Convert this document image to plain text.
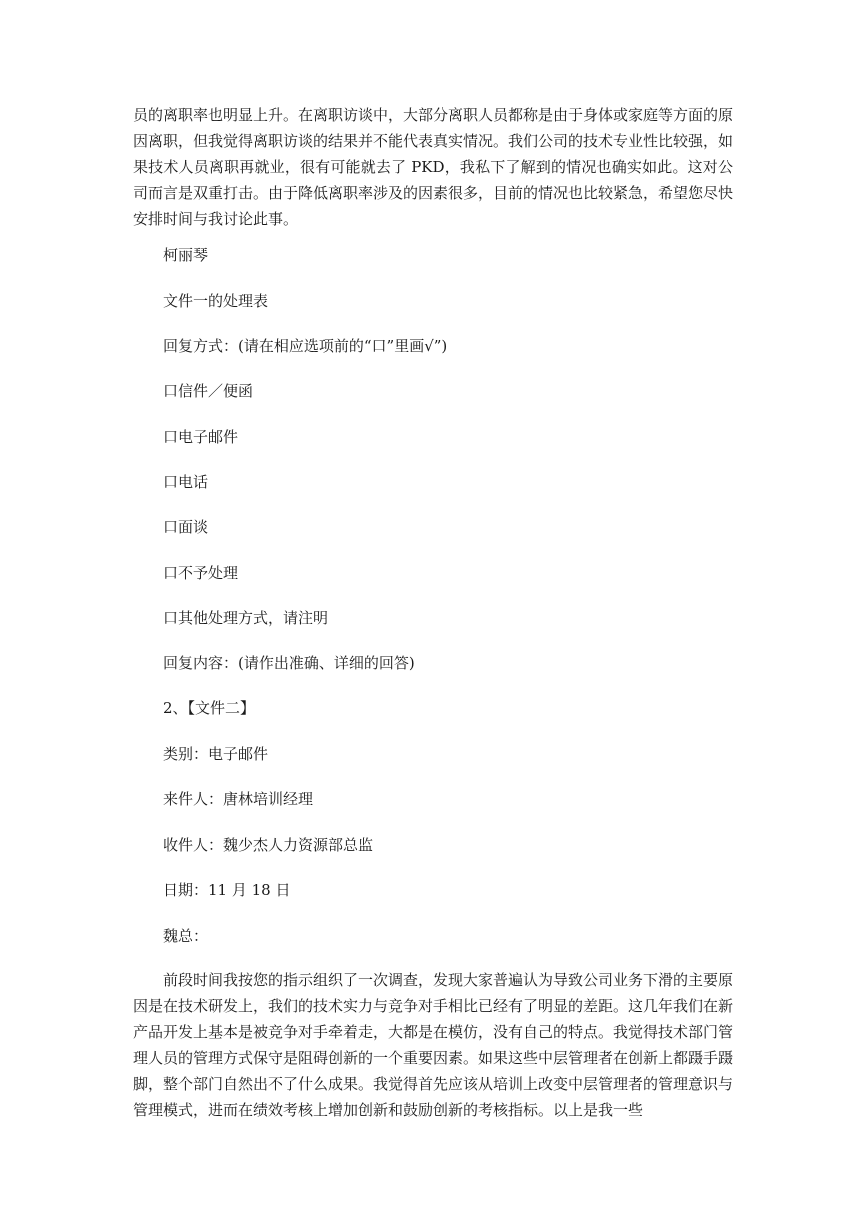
员的离职率也明显上升。在离职访谈中，大部分离职人员都称是由于身体或家庭等方面的原因离职，但我觉得离职访谈的结果并不能代表真实情况。我们公司的技术专业性比较强，如果技术人员离职再就业，很有可能就去了 PKD，我私下了解到的情况也确实如此。这对公司而言是双重打击。由于降低离职率涉及的因素很多，目前的情况也比较紧急，希望您尽快安排时间与我讨论此事。

柯丽琴

文件一的处理表

回复方式：(请在相应选项前的“口”里画√”)

口信件／便函

口电子邮件

口电话

口面谈

口不予处理

口其他处理方式，请注明

回复内容：(请作出准确、详细的回答)

2、【文件二】

类别：电子邮件

来件人：唐林培训经理

收件人：魏少杰人力资源部总监

日期：11 月 18 日

魏总：

前段时间我按您的指示组织了一次调查，发现大家普遍认为导致公司业务下滑的主要原因是在技术研发上，我们的技术实力与竞争对手相比已经有了明显的差距。这几年我们在新产品开发上基本是被竞争对手牵着走，大都是在模仿，没有自己的特点。我觉得技术部门管理人员的管理方式保守是阻碍创新的一个重要因素。如果这些中层管理者在创新上都蹑手蹑脚，整个部门自然出不了什么成果。我觉得首先应该从培训上改变中层管理者的管理意识与管理模式，进而在绩效考核上增加创新和鼓励创新的考核指标。以上是我一些
